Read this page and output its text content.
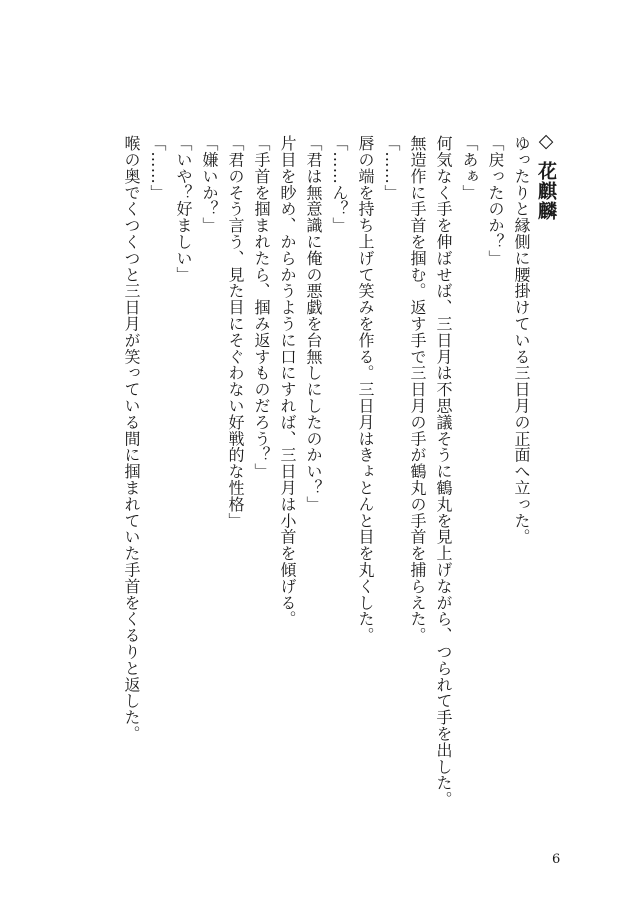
◇ 花麒麟
ゆったりと縁側に腰掛けている三日月の正面へ立った。
「戻ったのか？」
「あぁ」
何気なく手を伸ばせば、三日月は不思議そうに鶴丸を見上げながら、つられて手を出した。
無造作に手首を掴む。返す手で三日月の手が鶴丸の手首を捕らえた。
「……」
唇の端を持ち上げて笑みを作る。三日月はきょとんと目を丸くした。
「……ん？」
「君は無意識に俺の悪戯を台無しにしたのかい？」
片目を眇め、からかうように口にすれば、三日月は小首を傾げる。
「手首を掴まれたら、掴み返すものだろう？」
「君のそう言う、見た目にそぐわない好戦的な性格」
「嫌いか？」
「いや？好ましい」
「……」
喉の奥でくつくつと三日月が笑っている間に掴まれていた手首をくるりと返した。
6
